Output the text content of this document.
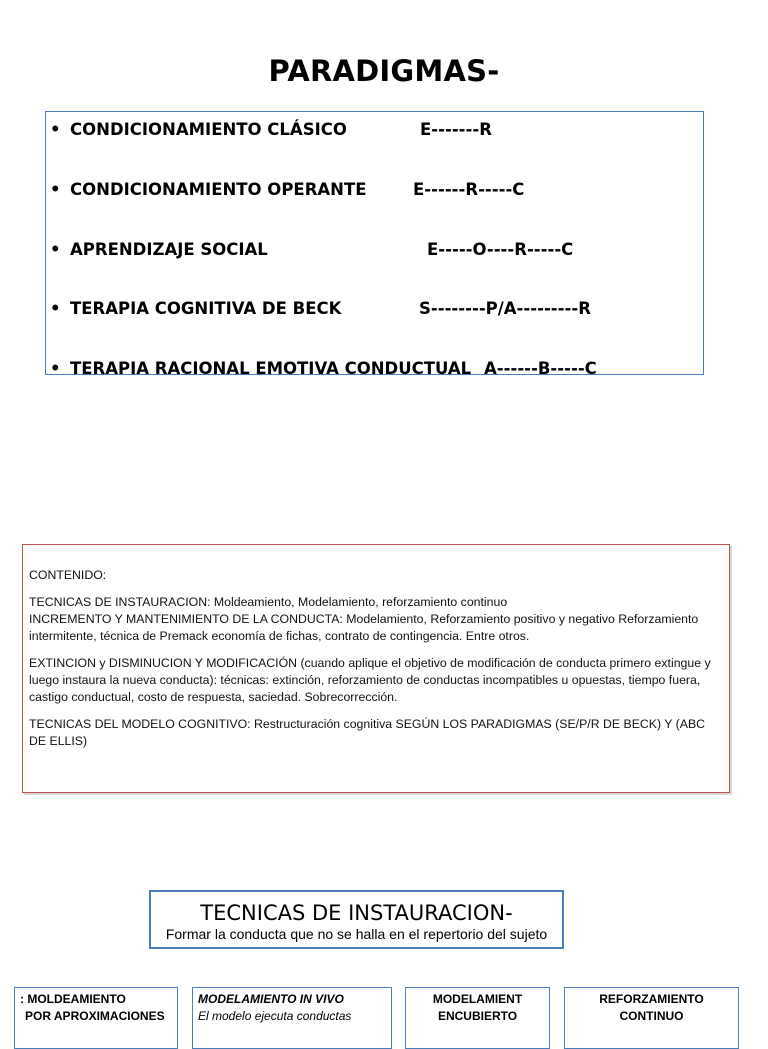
PARADIGMAS-
• CONDICIONAMIENTO CLÁSICO	E-------R
• CONDICIONAMIENTO OPERANTE	E------R-----C
• APRENDIZAJE SOCIAL	E-----O----R-----C
• TERAPIA COGNITIVA DE BECK	S--------P/A---------R
• TERAPIA RACIONAL EMOTIVA CONDUCTUAL A------B-----C

CONTENIDO:

TECNICAS DE INSTAURACION: Moldeamiento, Modelamiento, reforzamiento continuo
INCREMENTO Y MANTENIMIENTO DE LA CONDUCTA: Modelamiento, Reforzamiento positivo y negativo Reforzamiento intermitente, técnica de Premack economía de fichas, contrato de contingencia. Entre otros.

EXTINCION y DISMINUCION Y MODIFICACIÓN (cuando aplique el objetivo de modificación de conducta primero extingue y luego instaura la nueva conducta): técnicas: extinción, reforzamiento de conductas incompatibles u opuestas, tiempo fuera, castigo conductual, costo de respuesta, saciedad. Sobrecorrección.

TECNICAS DEL MODELO COGNITIVO: Restructuración cognitiva SEGÚN LOS PARADIGMAS (SE/P/R DE BECK) Y (ABC DE ELLIS)

TECNICAS DE INSTAURACION-
Formar la conducta que no se halla en el repertorio del sujeto
: MOLDEAMIENTO
POR APROXIMACIONES
MODELAMIENTO IN VIVO
El modelo ejecuta conductas
MODELAMIENT
ENCUBIERTO
REFORZAMIENTO
CONTINUO
